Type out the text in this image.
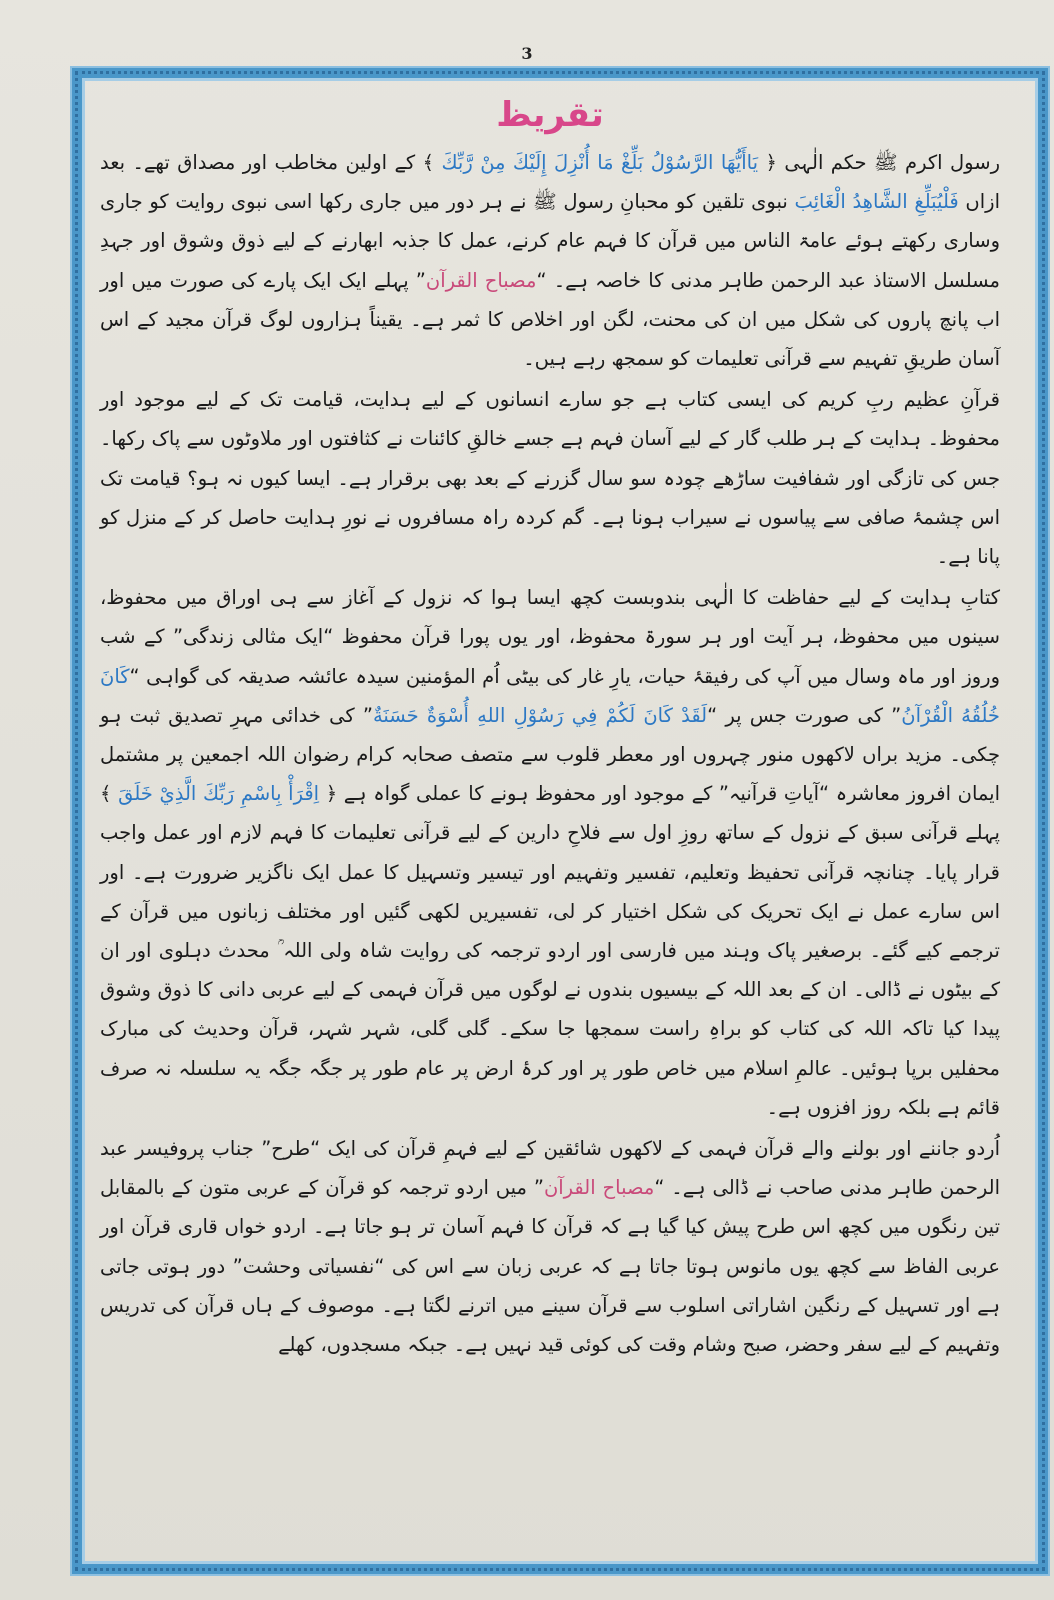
3
تقریظ

رسول اکرم ﷺ حکم الٰہی ﴿ یَاأَیُّهَا الرَّسُوْلُ بَلِّغْ مَا أُنْزِلَ إِلَیْكَ مِنْ رَّبِّكَ ﴾ کے اولین مخاطب اور مصداق تھے۔ بعد ازاں فَلْيُبَلِّغِ الشَّاهِدُ الْغَائِبَ نبوی تلقین کو محبانِ رسول ﷺ نے ہر دور میں جاری رکھا اسی نبوی روایت کو جاری وساری رکھتے ہوئے عامۃ الناس میں قرآن کا فہم عام کرنے، عمل کا جذبہ ابھارنے کے لیے ذوق وشوق اور جہدِ مسلسل الاستاذ عبد الرحمن طاہر مدنی کا خاصہ ہے۔ “مصباح القرآن” پہلے ایک ایک پارے کی صورت میں اور اب پانچ پاروں کی شکل میں ان کی محنت، لگن اور اخلاص کا ثمر ہے۔ یقیناً ہزاروں لوگ قرآن مجید کے اس آسان طریقِ تفہیم سے قرآنی تعلیمات کو سمجھ رہے ہیں۔

قرآنِ عظیم ربِ کریم کی ایسی کتاب ہے جو سارے انسانوں کے لیے ہدایت، قیامت تک کے لیے موجود اور محفوظ۔ ہدایت کے ہر طلب گار کے لیے آسان فہم ہے جسے خالقِ کائنات نے کثافتوں اور ملاوٹوں سے پاک رکھا۔ جس کی تازگی اور شفافیت ساڑھے چودہ سو سال گزرنے کے بعد بھی برقرار ہے۔ ایسا کیوں نہ ہو؟ قیامت تک اس چشمۂ صافی سے پیاسوں نے سیراب ہونا ہے۔ گم کردہ راہ مسافروں نے نورِ ہدایت حاصل کر کے منزل کو پانا ہے۔

کتابِ ہدایت کے لیے حفاظت کا الٰہی بندوبست کچھ ایسا ہوا کہ نزول کے آغاز سے ہی اوراق میں محفوظ، سینوں میں محفوظ، ہر آیت اور ہر سورۃ محفوظ، اور یوں پورا قرآن محفوظ “ایک مثالی زندگی” کے شب وروز اور ماہ وسال میں آپ کی رفیقۂ حیات، یارِ غار کی بیٹی اُم المؤمنین سیدہ عائشہ صدیقہ کی گواہی “کَانَ خُلُقُهُ الْقُرْآنُ” کی صورت جس پر “لَقَدْ كَانَ لَكُمْ فِي رَسُوْلِ اللهِ أُسْوَةٌ حَسَنَةٌ” کی خدائی مہرِ تصدیق ثبت ہو چکی۔ مزید براں لاکھوں منور چہروں اور معطر قلوب سے متصف صحابہ کرام رضوان اللہ اجمعین پر مشتمل ایمان افروز معاشرہ “آیاتِ قرآنیہ” کے موجود اور محفوظ ہونے کا عملی گواہ ہے ﴿ اِقْرَأْ بِاسْمِ رَبِّكَ الَّذِيْ خَلَقَ ﴾ پہلے قرآنی سبق کے نزول کے ساتھ روزِ اول سے فلاحِ دارین کے لیے قرآنی تعلیمات کا فہم لازم اور عمل واجب قرار پایا۔ چنانچہ قرآنی تحفیظ وتعلیم، تفسیر وتفہیم اور تیسیر وتسہیل کا عمل ایک ناگزیر ضرورت ہے۔ اور اس سارے عمل نے ایک تحریک کی شکل اختیار کر لی، تفسیریں لکھی گئیں اور مختلف زبانوں میں قرآن کے ترجمے کیے گئے۔ برصغیر پاک وہند میں فارسی اور اردو ترجمہ کی روایت شاہ ولی اللہ ؒ محدث دہلوی اور ان کے بیٹوں نے ڈالی۔ ان کے بعد اللہ کے بیسیوں بندوں نے لوگوں میں قرآن فہمی کے لیے عربی دانی کا ذوق وشوق پیدا کیا تاکہ اللہ کی کتاب کو براہِ راست سمجھا جا سکے۔ گلی گلی، شہر شہر، قرآن وحدیث کی مبارک محفلیں برپا ہوئیں۔ عالمِ اسلام میں خاص طور پر اور کرۂ ارض پر عام طور پر جگہ جگہ یہ سلسلہ نہ صرف قائم ہے بلکہ روز افزوں ہے۔

اُردو جاننے اور بولنے والے قرآن فہمی کے لاکھوں شائقین کے لیے فہمِ قرآن کی ایک “طرح” جناب پروفیسر عبد الرحمن طاہر مدنی صاحب نے ڈالی ہے۔ “مصباح القرآن” میں اردو ترجمہ کو قرآن کے عربی متون کے بالمقابل تین رنگوں میں کچھ اس طرح پیش کیا گیا ہے کہ قرآن کا فہم آسان تر ہو جاتا ہے۔ اردو خواں قاری قرآن اور عربی الفاظ سے کچھ یوں مانوس ہوتا جاتا ہے کہ عربی زبان سے اس کی “نفسیاتی وحشت” دور ہوتی جاتی ہے اور تسہیل کے رنگین اشاراتی اسلوب سے قرآن سینے میں اترنے لگتا ہے۔ موصوف کے ہاں قرآن کی تدریس وتفہیم کے لیے سفر وحضر، صبح وشام وقت کی کوئی قید نہیں ہے۔ جبکہ مسجدوں، کھلے
